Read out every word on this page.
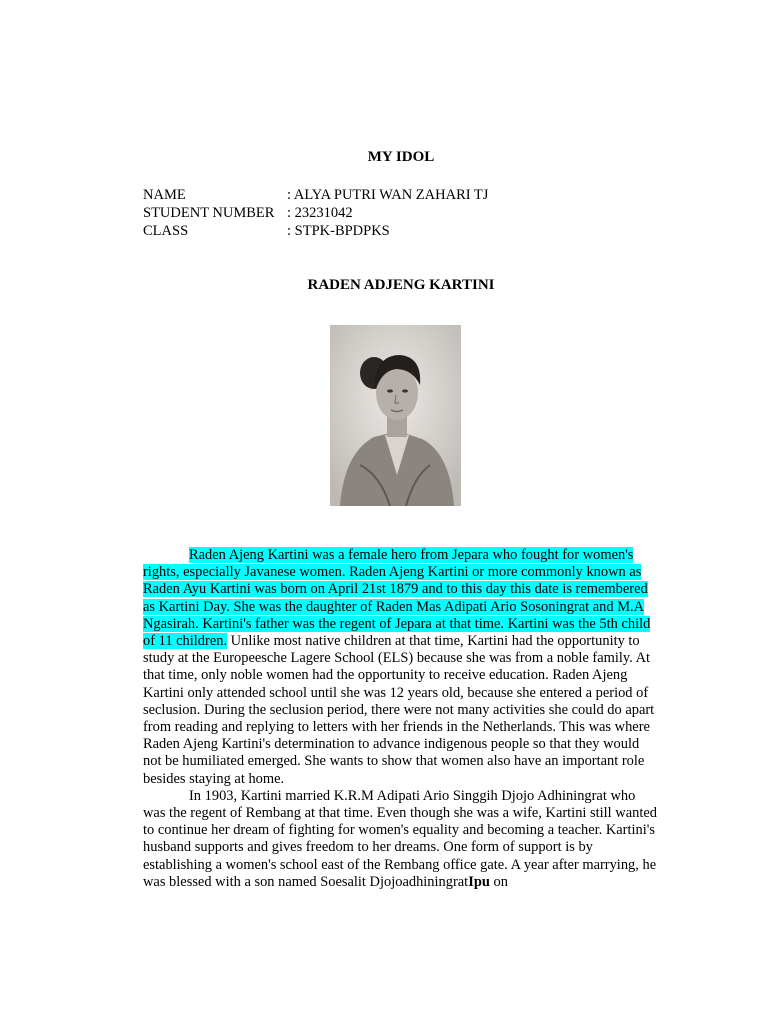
MY IDOL
NAME	: ALYA PUTRI WAN ZAHARI TJ
STUDENT NUMBER : 23231042
CLASS	: STPK-BPDPKS
RADEN ADJENG KARTINI

Raden Ajeng Kartini was a female hero from Jepara who fought for women's rights, especially Javanese women. Raden Ajeng Kartini or more commonly known as Raden Ayu Kartini was born on April 21st 1879 and to this day this date is remembered as Kartini Day. She was the daughter of Raden Mas Adipati Ario Sosoningrat and M.A Ngasirah. Kartini's father was the regent of Jepara at that time. Kartini was the 5th child of 11 children. Unlike most native children at that time, Kartini had the opportunity to study at the Europeesche Lagere School (ELS) because she was from a noble family. At that time, only noble women had the opportunity to receive education. Raden Ajeng Kartini only attended school until she was 12 years old, because she entered a period of seclusion. During the seclusion period, there were not many activities she could do apart from reading and replying to letters with her friends in the Netherlands. This was where Raden Ajeng Kartini's determination to advance indigenous people so that they would not be humiliated emerged. She wants to show that women also have an important role besides staying at home.

In 1903, Kartini married K.R.M Adipati Ario Singgih Djojo Adhiningrat who was the regent of Rembang at that time. Even though she was a wife, Kartini still wanted to continue her dream of fighting for women's equality and becoming a teacher. Kartini's husband supports and gives freedom to her dreams. One form of support is by establishing a women's school east of the Rembang office gate. A year after marrying, he was blessed with a son named Soesalit DjojoadhiningratIpu on
